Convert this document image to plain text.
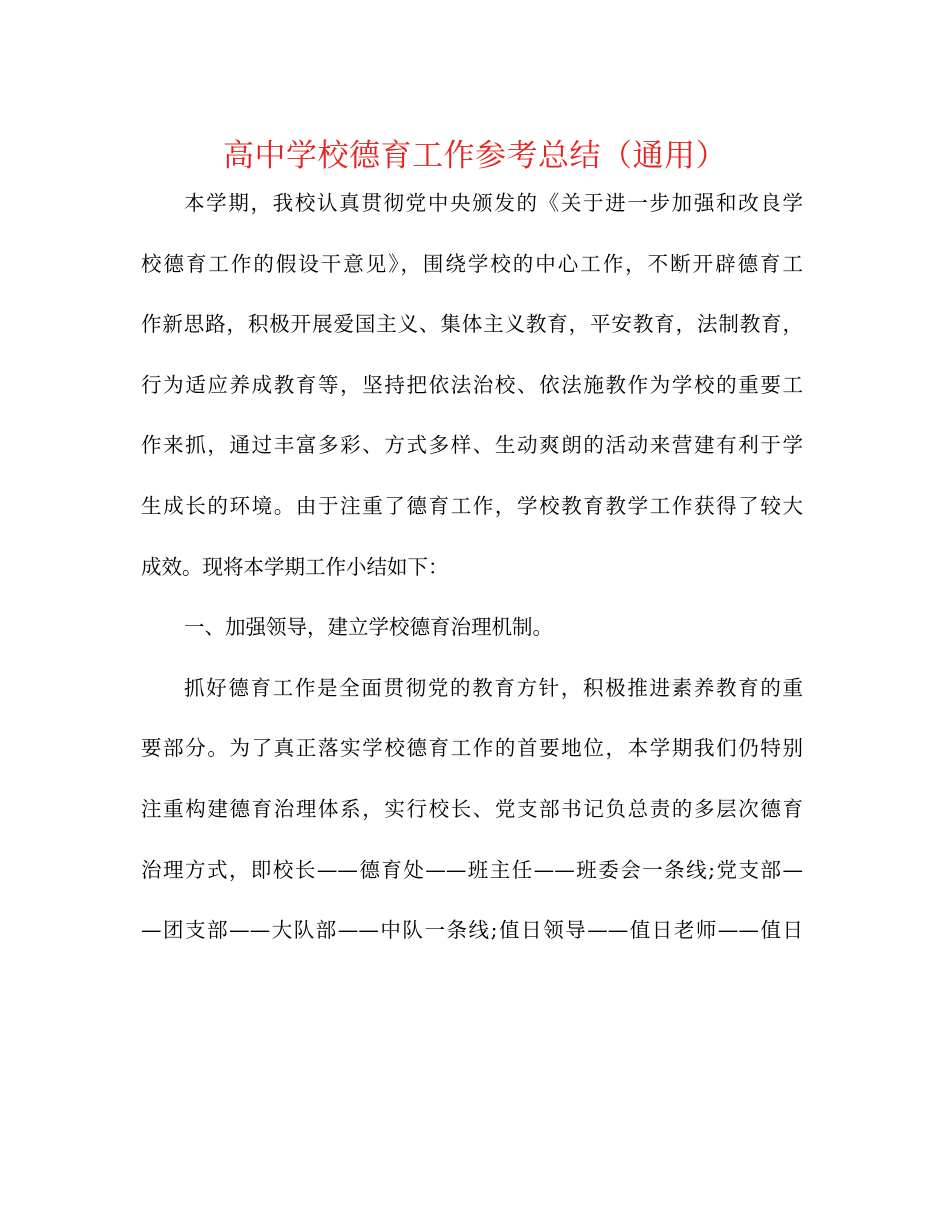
高中学校德育工作参考总结（通用）
本学期，我校认真贯彻党中央颁发的《关于进一步加强和改良学
校德育工作的假设干意见》，围绕学校的中心工作，不断开辟德育工
作新思路，积极开展爱国主义、集体主义教育，平安教育，法制教育，
行为适应养成教育等，坚持把依法治校、依法施教作为学校的重要工
作来抓，通过丰富多彩、方式多样、生动爽朗的活动来营建有利于学
生成长的环境。由于注重了德育工作，学校教育教学工作获得了较大
成效。现将本学期工作小结如下：
一、加强领导，建立学校德育治理机制。
抓好德育工作是全面贯彻党的教育方针，积极推进素养教育的重
要部分。为了真正落实学校德育工作的首要地位，本学期我们仍特别
注重构建德育治理体系，实行校长、党支部书记负总责的多层次德育
治理方式，即校长——德育处——班主任——班委会一条线;党支部—
—团支部——大队部——中队一条线;值日领导——值日老师——值日
